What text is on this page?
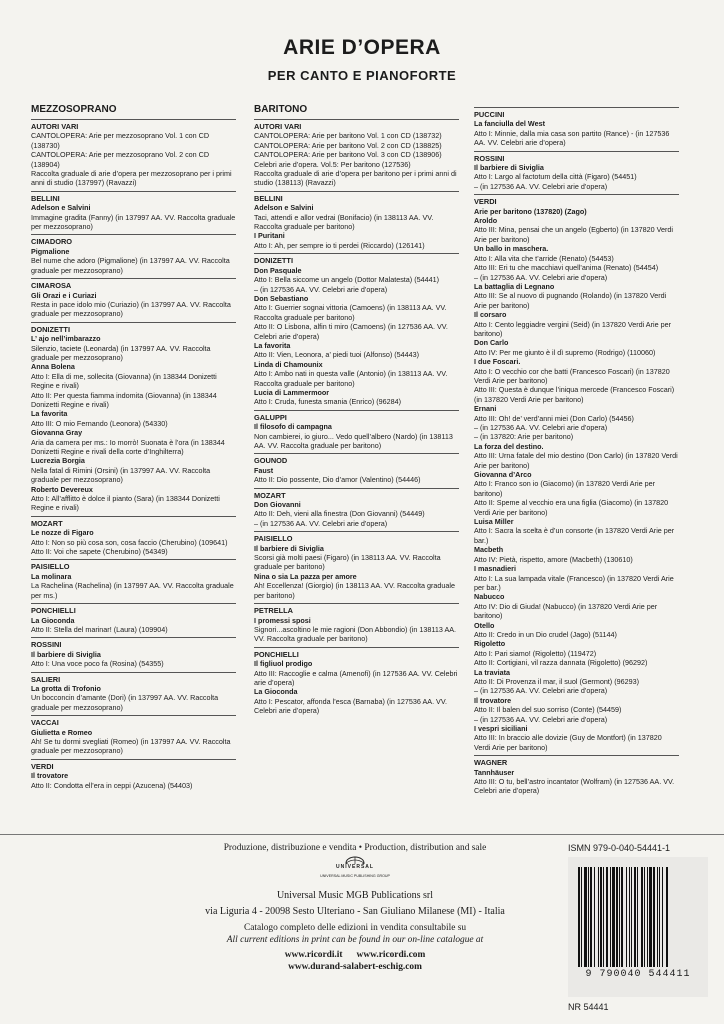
ARIE D’OPERA
PER CANTO E PIANOFORTE
MEZZOSOPRANO
AUTORI VARI
CANTOLOPERA: Arie per mezzosoprano Vol. 1 con CD (138730)
CANTOLOPERA: Arie per mezzosoprano Vol. 2 con CD (138904)
Raccolta graduale di arie d’opera per mezzosoprano per i primi anni di studio (137997) (Ravazzi)
BELLINI
Adelson e Salvini
Immagine gradita (Fanny) (in 137997 AA. VV. Raccolta graduale per mezzosoprano)
CIMADORO
Pigmalione
Bel nume che adoro (Pigmalione) (in 137997 AA. VV. Raccolta graduale per mezzosoprano)
CIMAROSA
Gli Orazi e i Curiazi
Resta in pace idolo mio (Curiazio) (in 137997 AA. VV. Raccolta graduale per mezzosoprano)
DONIZETTI
L’ ajo nell’imbarazzo
Silenzio, taciete (Leonarda) (in 137997 AA. VV. Raccolta graduale per mezzosoprano)
Anna Bolena
Atto I: Ella di me, sollecita (Giovanna) (in 138344 Donizetti Regine e rivali)
Atto II: Per questa fiamma indomita (Giovanna) (in 138344 Donizetti Regine e rivali)
La favorita
Atto III: O mio Fernando (Leonora) (54330)
Giovanna Gray
Aria da camera per ms.: Io morrò! Suonata è l’ora (in 138344 Donizetti Regine e rivali della corte d’Inghilterra)
Lucrezia Borgia
Nella fatal di Rimini (Orsini) (in 137997 AA. VV. Raccolta graduale per mezzosoprano)
Roberto Devereux
Atto I: All’afflitto è dolce il pianto (Sara) (in 138344 Donizetti Regine e rivali)
MOZART
Le nozze di Figaro
Atto I: Non so più cosa son, cosa faccio (Cherubino) (109641)
Atto II: Voi che sapete (Cherubino) (54349)
PAISIELLO
La molinara
La Rachelina (Rachelina) (in 137997 AA. VV. Raccolta graduale per ms.)
PONCHIELLI
La Gioconda
Atto II: Stella del marinar! (Laura) (109904)
ROSSINI
Il barbiere di Siviglia
Atto I: Una voce poco fa (Rosina) (54355)
SALIERI
La grotta di Trofonio
Un bocconcin d’amante (Dori) (in 137997 AA. VV. Raccolta graduale per mezzosoprano)
VACCAI
Giulietta e Romeo
Ah! Se tu dormi svegliati (Romeo) (in 137997 AA. VV. Raccolta graduale per mezzosoprano)
VERDI
Il trovatore
Atto II: Condotta ell’era in ceppi (Azucena) (54403)
BARITONO
AUTORI VARI
CANTOLOPERA: Arie per baritono Vol. 1 con CD (138732)
CANTOLOPERA: Arie per baritono Vol. 2 con CD (138825)
CANTOLOPERA: Arie per baritono Vol. 3 con CD (138906)
Celebri arie d’opera. Vol.5: Per baritono (127536)
Raccolta graduale di arie d’opera per baritono per i primi anni di studio (138113) (Ravazzi)
BELLINI
Adelson e Salvini
Taci, attendi e allor vedrai (Bonifacio) (in 138113 AA. VV. Raccolta graduale per baritono)
I Puritani
Atto I: Ah, per sempre io ti perdei (Riccardo) (126141)
DONIZETTI
Don Pasquale
Atto I: Bella siccome un angelo (Dottor Malatesta) (54441)
– (in 127536 AA. VV. Celebri arie d’opera)
Don Sebastiano
Atto I: Guerrier sognai vittoria (Camoens) (in 138113 AA. VV. Raccolta graduale per baritono)
Atto II: O Lisbona, alfin ti miro (Camoens) (in 127536 AA. VV. Celebri arie d’opera)
La favorita
Atto II: Vien, Leonora, a’ piedi tuoi (Alfonso) (54443)
Linda di Chamounix
Atto I: Ambo nati in questa valle (Antonio) (in 138113 AA. VV. Raccolta graduale per baritono)
Lucia di Lammermoor
Atto I: Cruda, funesta smania (Enrico) (96284)
GALUPPI
Il filosofo di campagna
Non cambierei, io giuro... Vedo quell’albero (Nardo) (in 138113 AA. VV. Raccolta graduale per baritono)
GOUNOD
Faust
Atto II: Dio possente, Dio d’amor (Valentino) (54446)
MOZART
Don Giovanni
Atto II: Deh, vieni alla finestra (Don Giovanni) (54449)
– (in 127536 AA. VV. Celebri arie d’opera)
PAISIELLO
Il barbiere di Siviglia
Scorsi già molti paesi (Figaro) (in 138113 AA. VV. Raccolta graduale per baritono)
Nina o sia La pazza per amore
Ah! Eccellenza! (Giorgio) (in 138113 AA. VV. Raccolta graduale per baritono)
PETRELLA
I promessi sposi
Signori...ascoltino le mie ragioni (Don Abbondio) (in 138113 AA. VV. Raccolta graduale per baritono)
PONCHIELLI
Il figliuol prodigo
Atto III: Raccoglie e calma (Amenofi) (in 127536 AA. VV. Celebri arie d’opera)
La Gioconda
Atto I: Pescator, affonda l’esca (Barnaba) (in 127536 AA. VV. Celebri arie d’opera)
PUCCINI
La fanciulla del West
Atto I: Minnie, dalla mia casa son partito (Rance) - (in 127536 AA. VV. Celebri arie d’opera)
ROSSINI
Il barbiere di Siviglia
Atto I: Largo al factotum della città (Figaro) (54451)
– (in 127536 AA. VV. Celebri arie d’opera)
VERDI
Arie per baritono (137820) (Zago)
Aroldo
Atto III: Mina, pensai che un angelo (Egberto) (in 137820 Verdi Arie per baritono)
Un ballo in maschera.
Atto I: Alla vita che t’arride (Renato) (54453)
Atto III: Eri tu che macchiavi quell’anima (Renato) (54454)
– (in 127536 AA. VV. Celebri arie d’opera)
La battaglia di Legnano
Atto III: Se al nuovo di pugnando (Rolando) (in 137820 Verdi Arie per baritono)
Il corsaro
Atto I: Cento leggiadre vergini (Seid) (in 137820 Verdi Arie per baritono)
Don Carlo
Atto IV: Per me giunto è il dì supremo (Rodrigo) (110060)
I due Foscari.
Atto I: O vecchio cor che batti (Francesco Foscari) (in 137820 Verdi Arie per baritono)
Atto III: Questa è dunque l’iniqua mercede (Francesco Foscari) (in 137820 Verdi Arie per baritono)
Ernani
Atto III: Oh! de’ verd’anni miei (Don Carlo) (54456)
– (in 127536 AA. VV. Celebri arie d’opera)
– (in 137820: Arie per baritono)
La forza del destino.
Atto III: Urna fatale del mio destino (Don Carlo) (in 137820 Verdi Arie per baritono)
Giovanna d’Arco
Atto I: Franco son io (Giacomo) (in 137820 Verdi Arie per baritono)
Atto II: Speme al vecchio era una figlia (Giacomo) (in 137820 Verdi Arie per baritono)
Luisa Miller
Atto I: Sacra la scelta è d’un consorte (in 137820 Verdi Arie per bar.)
Macbeth
Atto IV: Pietà, rispetto, amore (Macbeth) (130610)
I masnadieri
Atto I: La sua lampada vitale (Francesco) (in 137820 Verdi Arie per bar.)
Nabucco
Atto IV: Dio di Giuda! (Nabucco) (in 137820 Verdi Arie per baritono)
Otello
Atto II: Credo in un Dio crudel (Jago) (51144)
Rigoletto
Atto I: Pari siamo! (Rigoletto) (119472)
Atto II: Cortigiani, vil razza dannata (Rigoletto) (96292)
La traviata
Atto II: Di Provenza il mar, il suol (Germont) (96293)
– (in 127536 AA. VV. Celebri arie d’opera)
Il trovatore
Atto II: Il balen del suo sorriso (Conte) (54459)
– (in 127536 AA. VV. Celebri arie d’opera)
I vespri siciliani
Atto III: In braccio alle dovizie (Guy de Montfort) (in 137820 Verdi Arie per baritono)
WAGNER
Tannhäuser
Atto III: O tu, bell’astro incantator (Wolfram) (in 127536 AA. VV. Celebri arie d’opera)
Produzione, distribuzione e vendita • Production, distribution and sale
UNIVERSAL
UNIVERSAL MUSIC PUBLISHING GROUP
Universal Music MGB Publications srl
via Liguria 4 - 20098 Sesto Ulteriano - San Giuliano Milanese (MI) - Italia
Catalogo completo delle edizioni in vendita consultabile su
All current editions in print can be found in our on-line catalogue at
www.ricordi.it      www.ricordi.com
www.durand-salabert-eschig.com
ISMN 979-0-040-54441-1
9 790040 544411
NR 54441
